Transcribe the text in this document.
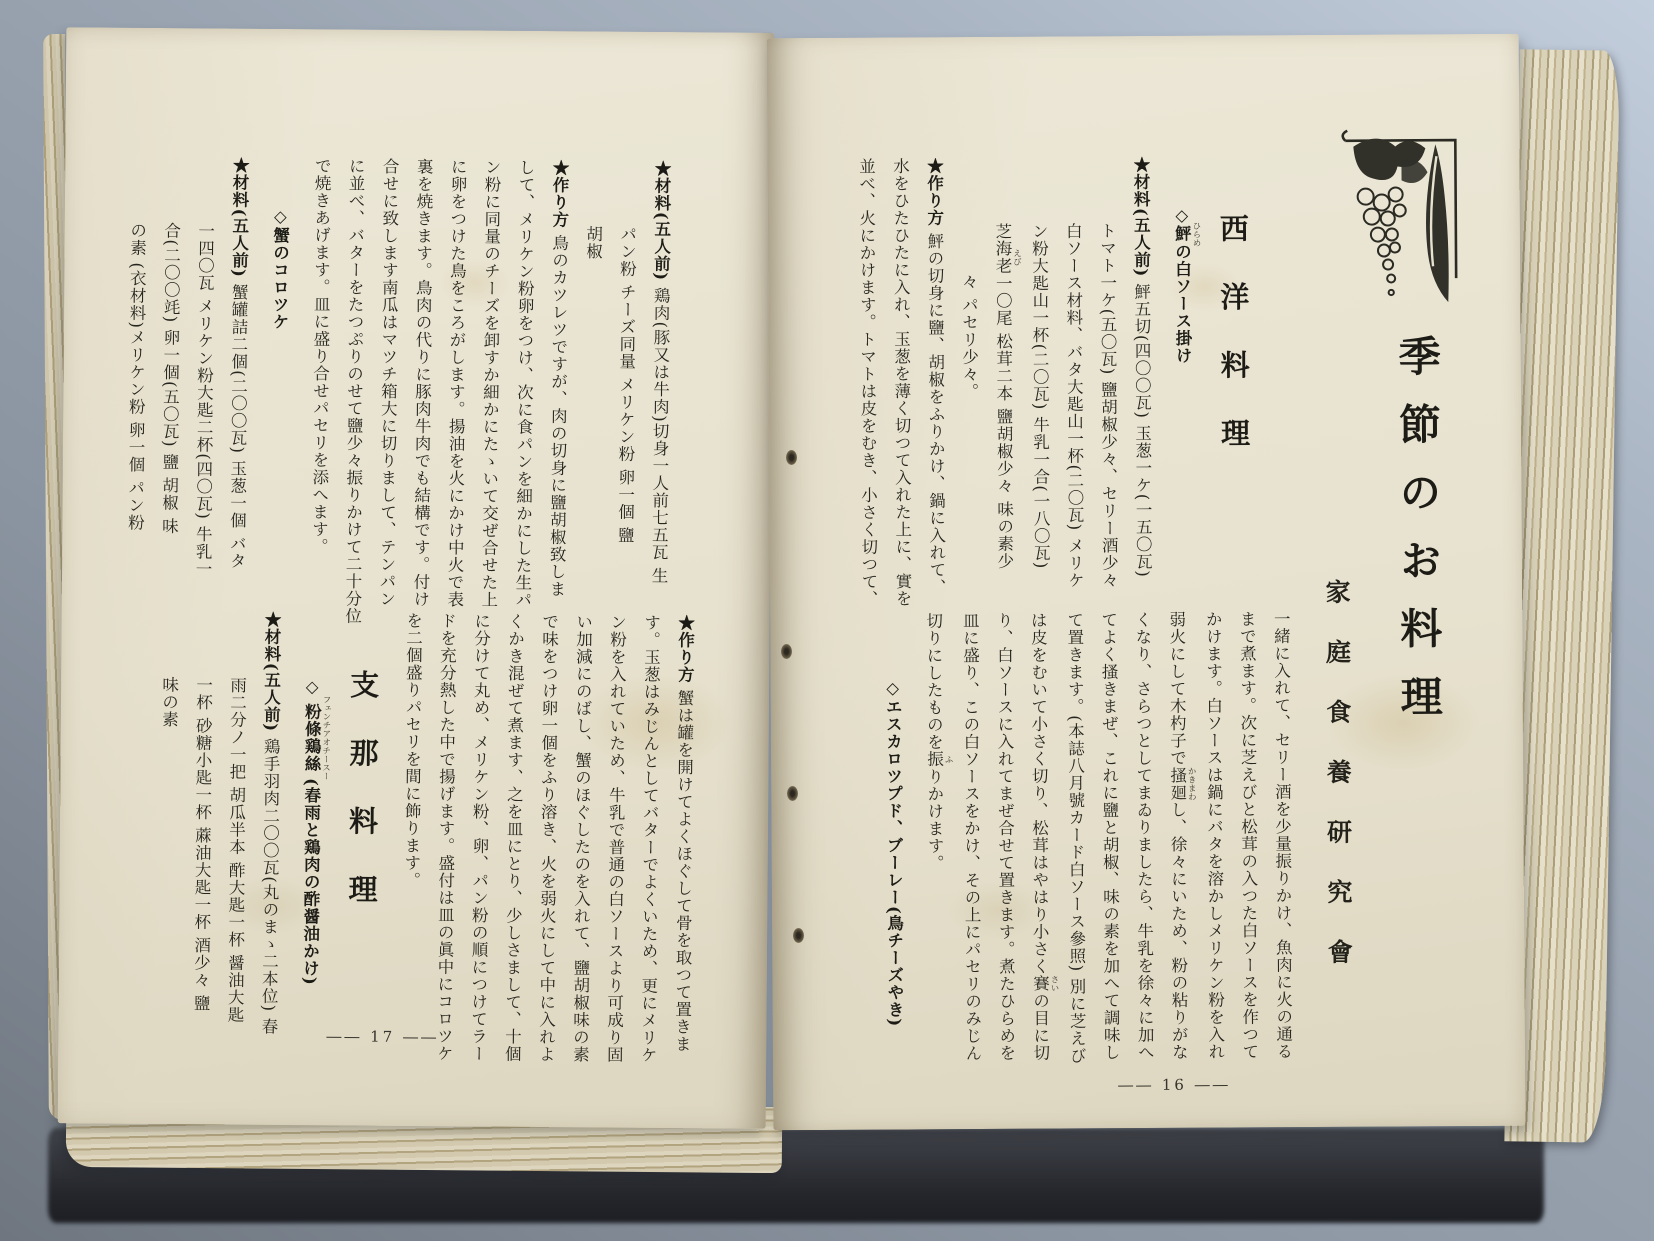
★材料(五人前) 鶏肉(豚又は牛肉)切身一人前七五瓦 生

パン粉 チーズ同量 メリケン粉 卵一個 鹽

胡椒

★作り方 鳥のカツレツですが、肉の切身に鹽胡椒致しま

して、メリケン粉卵をつけ、次に食パンを細かにした生パ

ン粉に同量のチーズを卸すか細かにたゝいて交ぜ合せた上

に卵をつけた鳥をころがします。揚油を火にかけ中火で表

裏を焼きます。鳥肉の代りに豚肉牛肉でも結構です。付け

合せに致します南瓜はマツチ箱大に切りまして、テンパン

に並べ、バターをたつぷりのせて鹽少々振りかけて二十分位

で焼きあげます。皿に盛り合せパセリを添へます。

◇蟹のコロツケ

★材料(五人前) 蟹罐詰二個(二〇〇瓦) 玉葱一個 バタ

一四〇瓦 メリケン粉大匙二杯(四〇瓦) 牛乳一

合(二〇〇竓) 卵一個(五〇瓦) 鹽 胡椒 味

の素 (衣材料)メリケン粉 卵一個 パン粉

★作り方 蟹は罐を開けてよくほぐして骨を取つて置きま

す。玉葱はみじんとしてバターでよくいため、更にメリケ

ン粉を入れていため、牛乳で普通の白ソースより可成り固

い加減にのばし、蟹のほぐしたのを入れて、鹽胡椒味の素

で味をつけ卵一個をふり溶き、火を弱火にして中に入れよ

くかき混ぜて煮ます、之を皿にとり、少しさまして、十個

に分けて丸め、メリケン粉、卵、パン粉の順につけてラー

ドを充分熱した中で揚げます。盛付は皿の眞中にコロツケ

を二個盛りパセリを間に飾ります。

支那料理

◇粉條鶏絲フェンチアオチースー(春雨と鶏肉の酢醤油かけ)

★材料(五人前) 鶏手羽肉二〇〇瓦(丸のまゝ二本位) 春

雨二分ノ一把 胡瓜半本 酢大匙一杯 醤油大匙

一杯 砂糖小匙一杯 蔴油大匙一杯 酒少々 鹽

味の素

―― 17 ――
季節のお料理
家庭食養研究會

西洋料理

◇鮃 ひらめの白ソース掛け

★材料(五人前) 鮃五切(四〇〇瓦) 玉葱一ケ(一五〇瓦)

トマト一ケ(五〇瓦) 鹽胡椒少々、セリー酒少々

白ソース材料、バタ大匙山一杯(二〇瓦) メリケ

ン粉大匙山一杯(二〇瓦) 牛乳一合(一八〇瓦)

芝海老 えび一〇尾 松茸二本 鹽胡椒少々 味の素少

々 パセリ少々。

★作り方 鮃の切身に鹽、胡椒をふりかけ、鍋に入れて、

水をひたひたに入れ、玉葱を薄く切つて入れた上に、實を

並べ、火にかけます。トマトは皮をむき、小さく切つて、

一緒に入れて、セリー酒を少量振りかけ、魚肉に火の通る

まで煮ます。次に芝えびと松茸の入つた白ソースを作つて

かけます。白ソースは鍋にバタを溶かしメリケン粉を入れ

弱火にして木杓子で搔廻 かきまわし、徐々にいため、粉の粘りがな

くなり、さらつとしてまゐりましたら、牛乳を徐々に加へ

てよく搔きまぜ、これに鹽と胡椒、味の素を加へて調味し

て置きます。(本誌八月號カード白ソース參照) 別に芝えび

は皮をむいて小さく切り、松茸はやはり小さく賽 さいの目に切

り、白ソースに入れてまぜ合せて置きます。煮たひらめを

皿に盛り、この白ソースをかけ、その上にパセリのみじん

切りにしたものを振 ふりかけます。

◇エスカロツプド、ブーレー(鳥チーズやき)

―― 16 ――
